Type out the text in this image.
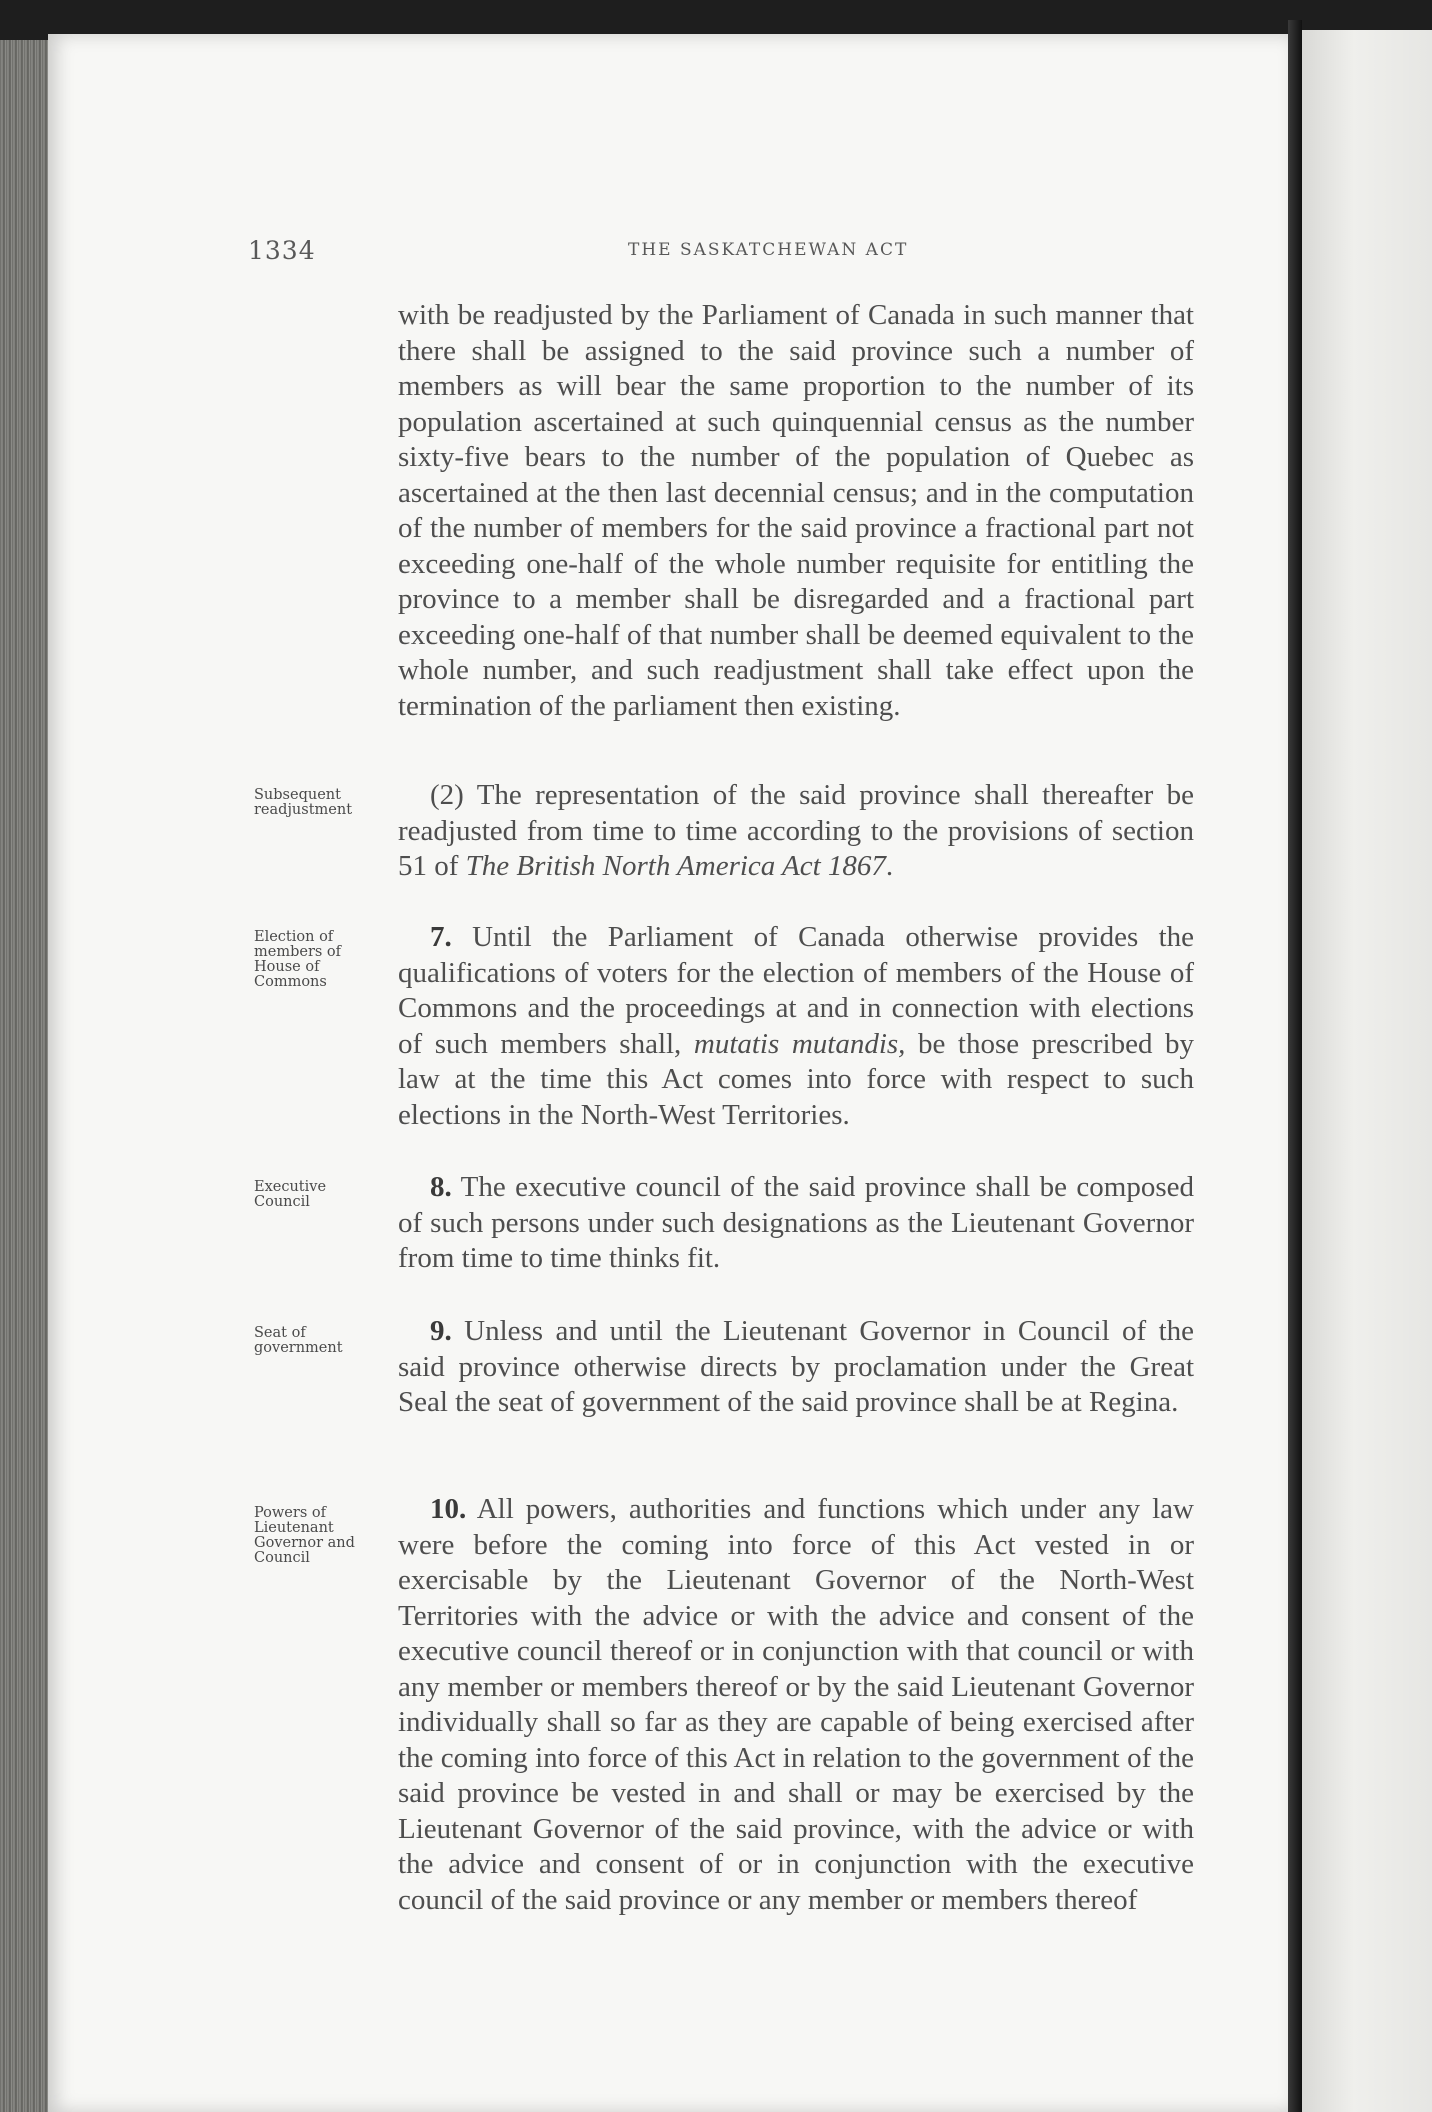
1334	THE SASKATCHEWAN ACT

with be readjusted by the Parliament of Canada in such manner that there shall be assigned to the said province such a number of members as will bear the same proportion to the number of its population ascertained at such quinquennial census as the number sixty-five bears to the number of the population of Quebec as ascertained at the then last decennial census; and in the computation of the number of members for the said province a fractional part not exceeding one-half of the whole number requisite for entitling the province to a member shall be disregarded and a fractional part exceeding one-half of that number shall be deemed equivalent to the whole number, and such readjustment shall take effect upon the termination of the parliament then existing.

Subsequent readjustment	(2) The representation of the said province shall thereafter be readjusted from time to time according to the provisions of section 51 of The British North America Act 1867.

Election of members of House of Commons

7. Until the Parliament of Canada otherwise provides the qualifications of voters for the election of members of the House of Commons and the proceedings at and in connection with elections of such members shall, mutatis mutandis, be those prescribed by law at the time this Act comes into force with respect to such elections in the North-West Territories.

Executive Council	8. The executive council of the said province shall be composed of such persons under such designations as the Lieutenant Governor from time to time thinks fit.

Seat of government

9. Unless and until the Lieutenant Governor in Council of the said province otherwise directs by proclamation under the Great Seal the seat of government of the said province shall be at Regina.

Powers of Lieutenant Governor and Council

10. All powers, authorities and functions which under any law were before the coming into force of this Act vested in or exercisable by the Lieutenant Governor of the North-West Territories with the advice or with the advice and consent of the executive council thereof or in conjunction with that council or with any member or members thereof or by the said Lieutenant Governor individually shall so far as they are capable of being exercised after the coming into force of this Act in relation to the government of the said province be vested in and shall or may be exercised by the Lieutenant Governor of the said province, with the advice or with the advice and consent of or in conjunction with the executive council of the said province or any member or members thereof
